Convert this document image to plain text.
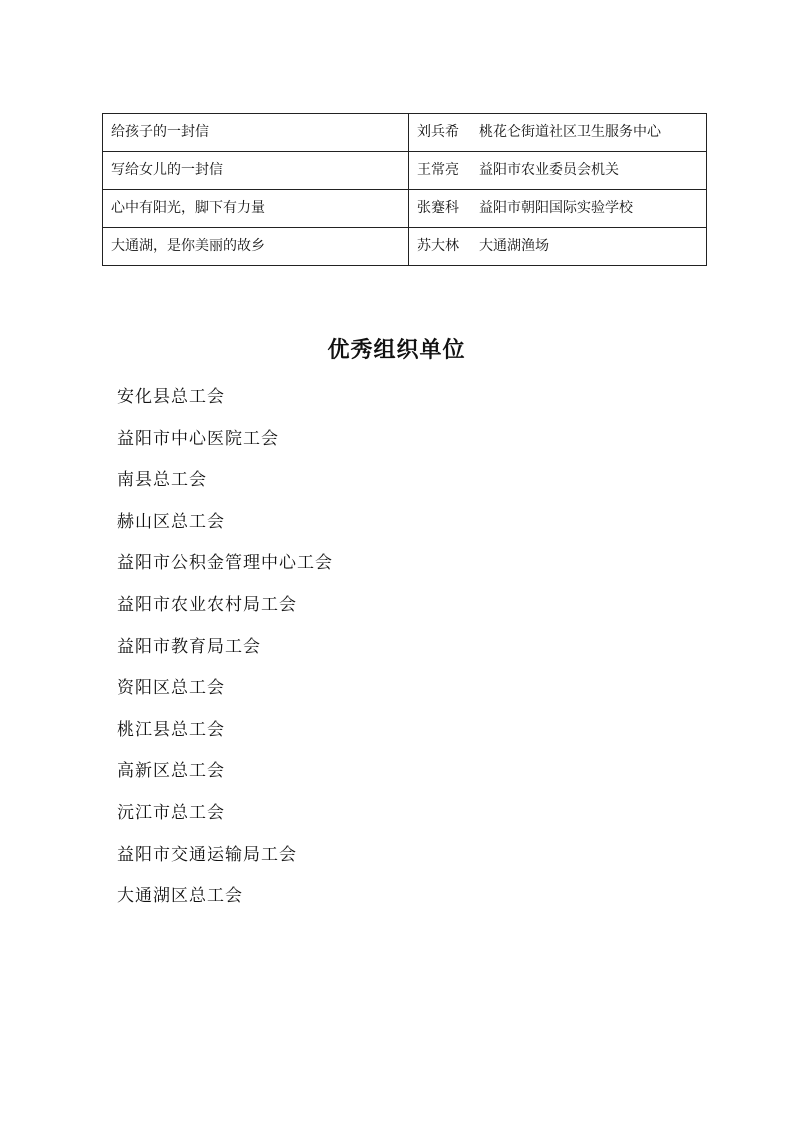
给孩子的一封信	刘兵希 桃花仑街道社区卫生服务中心
写给女儿的一封信	王常亮 益阳市农业委员会机关
心中有阳光，脚下有力量	张蹇科 益阳市朝阳国际实验学校
大通湖，是你美丽的故乡	苏大林 大通湖渔场
优秀组织单位
安化县总工会
益阳市中心医院工会
南县总工会
赫山区总工会
益阳市公积金管理中心工会
益阳市农业农村局工会
益阳市教育局工会
资阳区总工会
桃江县总工会
高新区总工会
沅江市总工会
益阳市交通运输局工会
大通湖区总工会
